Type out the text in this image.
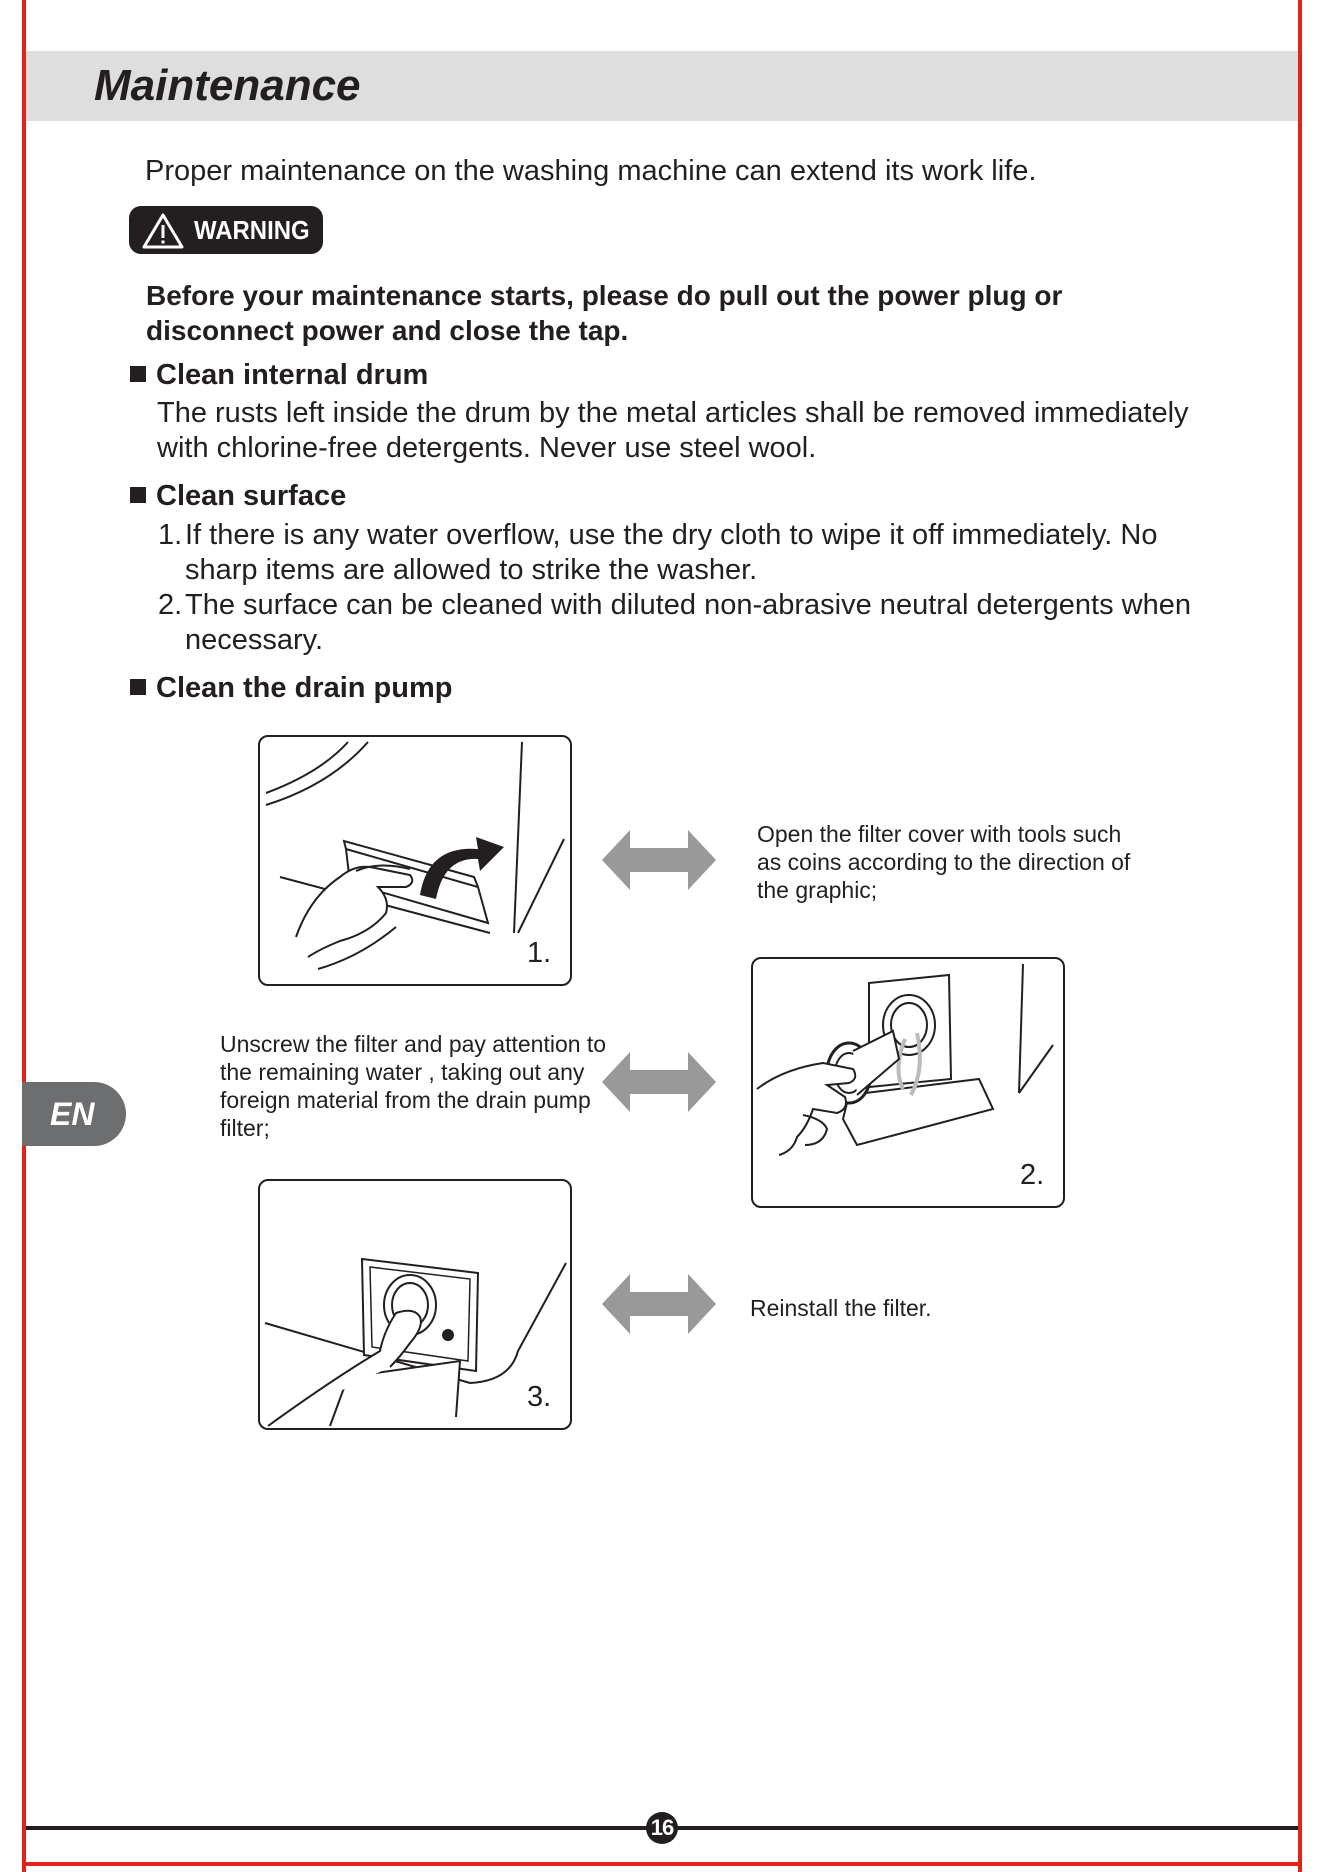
Maintenance

Proper maintenance on the washing machine can extend its work life.

WARNING

Before your maintenance starts, please do pull out the power plug or disconnect power and close the tap.

Clean internal drum

The rusts left inside the drum by the metal articles shall be removed immediately with chlorine-free detergents. Never use steel wool.

Clean surface
1. If there is any water overflow, use the dry cloth to wipe it off immediately. No sharp items are allowed to strike the washer.
2. The surface can be cleaned with diluted non-abrasive neutral detergents when necessary.
Clean the drain pump
1.

Open the filter cover with tools such as coins according to the direction of the graphic;

2.

Unscrew the filter and pay attention to the remaining water , taking out any foreign material from the drain pump filter;

3.

Reinstall the filter.

EN
16
